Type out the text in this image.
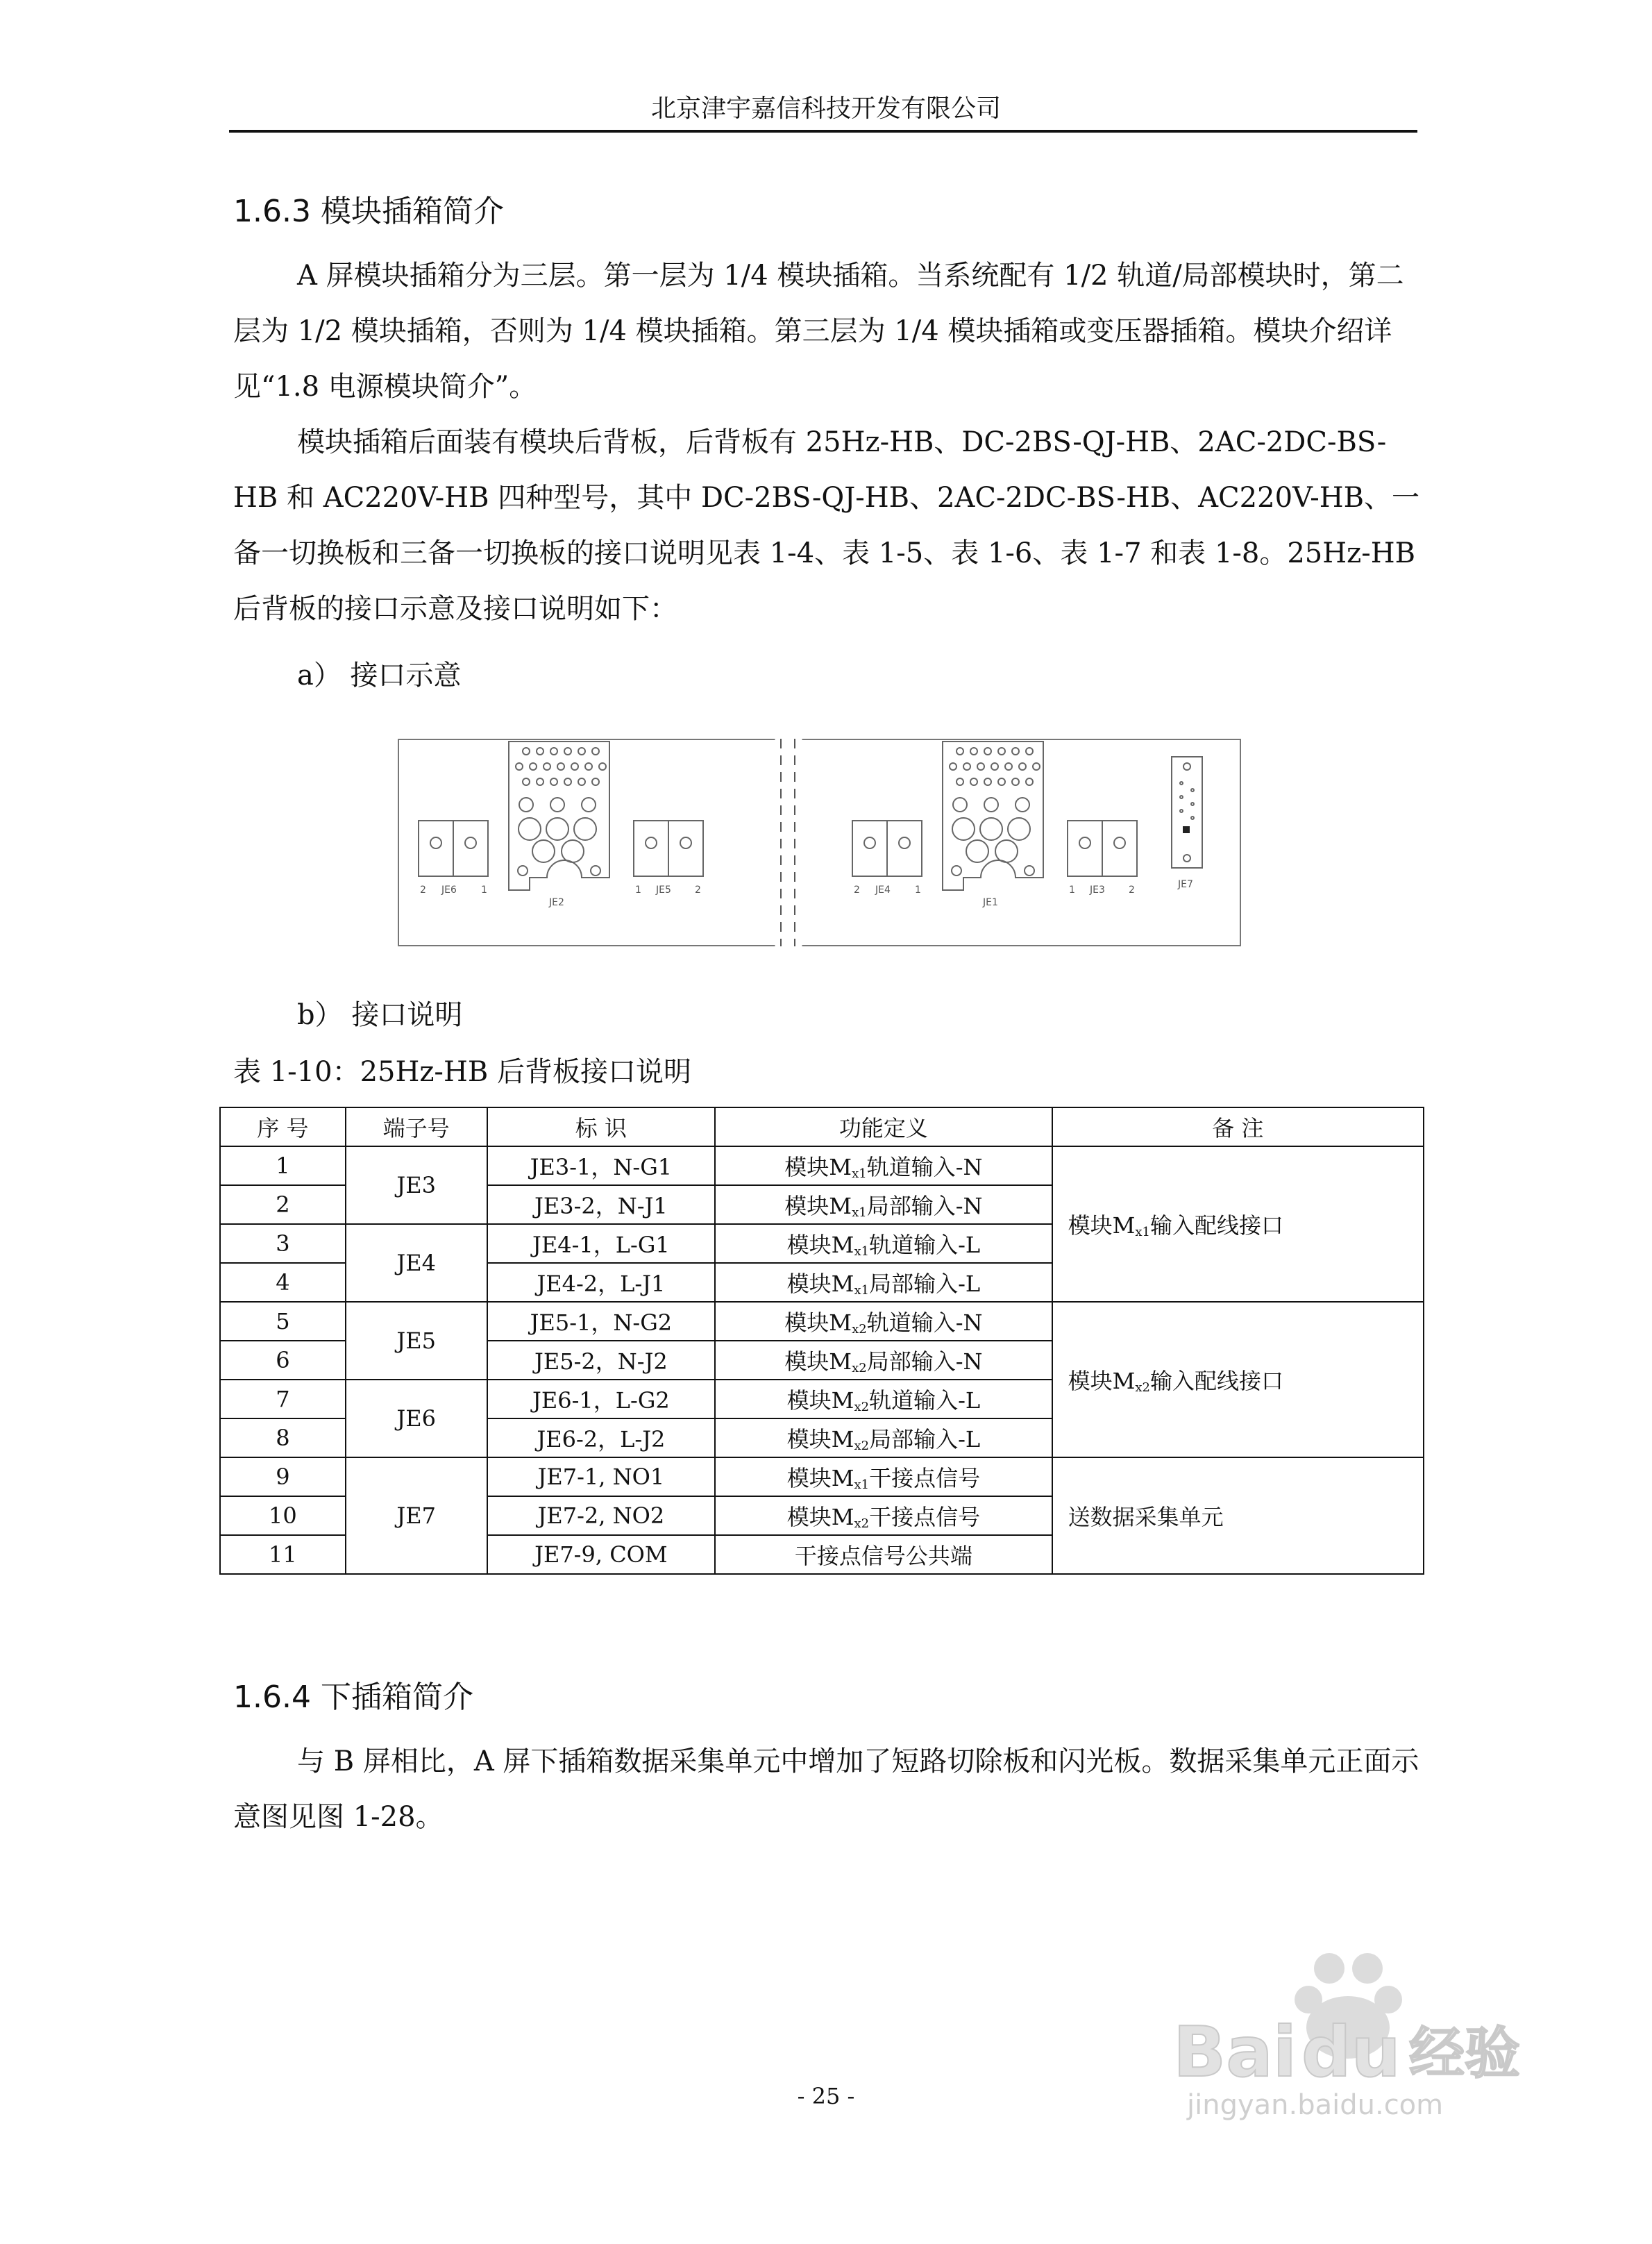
北京津宇嘉信科技开发有限公司
1.6.3 模块插箱简介
A 屏模块插箱分为三层。第一层为 1/4 模块插箱。当系统配有 1/2 轨道/局部模块时，第二层为 1/2 模块插箱，否则为 1/4 模块插箱。第三层为 1/4 模块插箱或变压器插箱。模块介绍详见“1.8 电源模块简介”。
模块插箱后面装有模块后背板，后背板有 25Hz-HB、DC-2BS-QJ-HB、2AC-2DC-BS-HB 和 AC220V-HB 四种型号，其中 DC-2BS-QJ-HB、2AC-2DC-BS-HB、AC220V-HB、一备一切换板和三备一切换板的接口说明见表 1-4、表 1-5、表 1-6、表 1-7 和表 1-8。25Hz-HB 后背板的接口示意及接口说明如下：
a） 接口示意
JE2
2 JE6	1	1 JE5 2
JE1
2 JE4	1	1 JE3 2	JE7
b） 接口说明
表 1-10：25Hz-HB 后背板接口说明
序 号	端子号	标 识	功能定义	备 注
1	JE3	JE3-1，N-G1	模块$M_{x1}$轨道输入-N	模块$M_{x1}$输入配线接口
2		JE3-2，N-J1	模块$M_{x1}$局部输入-N	
3	JE4	JE4-1，L-G1	模块$M_{x1}$轨道输入-L	
4		JE4-2，L-J1	模块$M_{x1}$局部输入-L	
5	JE5	JE5-1，N-G2	模块$M_{x2}$轨道输入-N	模块$M_{x2}$输入配线接口
6		JE5-2，N-J2	模块$M_{x2}$局部输入-N	
7	JE6	JE6-1，L-G2	模块$M_{x2}$轨道输入-L	
8		JE6-2，L-J2	模块$M_{x2}$局部输入-L	
9	JE7	JE7-1, NO1	模块$M_{x1}$干接点信号	送数据采集单元
10		JE7-2, NO2	模块$M_{x2}$干接点信号	
11		JE7-9, COM	干接点信号公共端	
1.6.4 下插箱简介
与 B 屏相比，A 屏下插箱数据采集单元中增加了短路切除板和闪光板。数据采集单元正面示意图见图 1-28。
- 25 -
Bai du 经验
jingyan.baidu.com
